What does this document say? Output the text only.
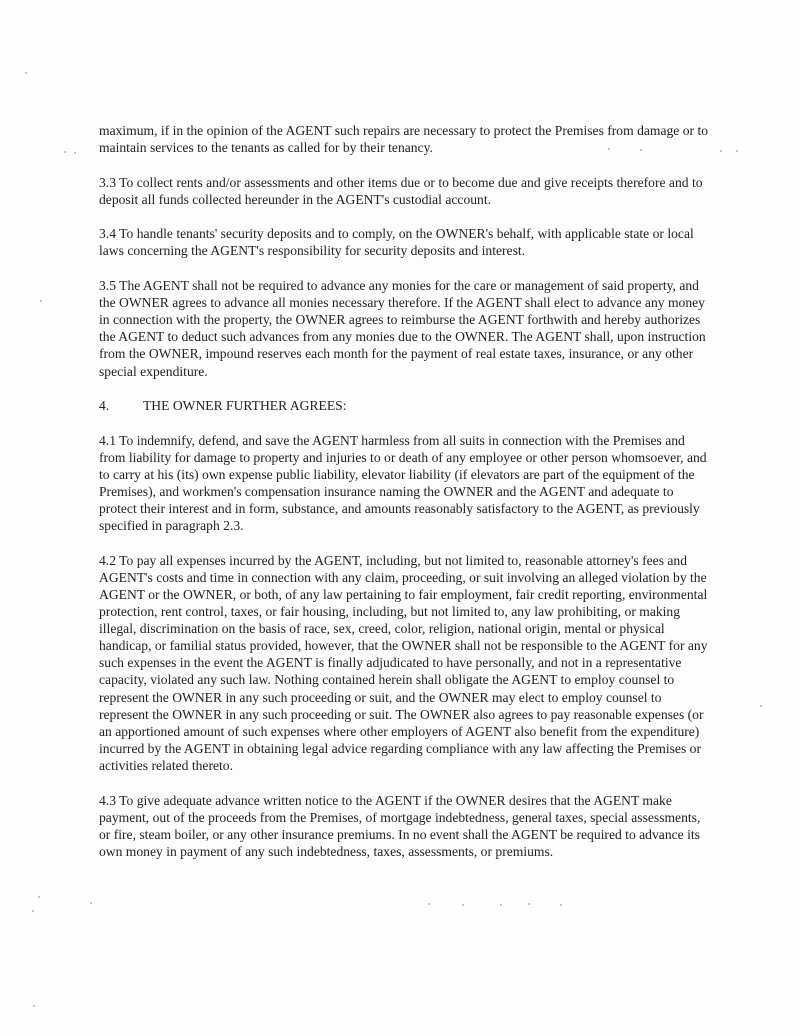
maximum, if in the opinion of the AGENT such repairs are necessary to protect the Premises from damage or to maintain services to the tenants as called for by their tenancy.

3.3 To collect rents and/or assessments and other items due or to become due and give receipts therefore and to deposit all funds collected hereunder in the AGENT's custodial account.

3.4 To handle tenants' security deposits and to comply, on the OWNER's behalf, with applicable state or local laws concerning the AGENT's responsibility for security deposits and interest.

3.5 The AGENT shall not be required to advance any monies for the care or management of said property, and the OWNER agrees to advance all monies necessary therefore. If the AGENT shall elect to advance any money in connection with the property, the OWNER agrees to reimburse the AGENT forthwith and hereby authorizes the AGENT to deduct such advances from any monies due to the OWNER. The AGENT shall, upon instruction from the OWNER, impound reserves each month for the payment of real estate taxes, insurance, or any other special expenditure.

4. THE OWNER FURTHER AGREES:

4.1 To indemnify, defend, and save the AGENT harmless from all suits in connection with the Premises and from liability for damage to property and injuries to or death of any employee or other person whomsoever, and to carry at his (its) own expense public liability, elevator liability (if elevators are part of the equipment of the Premises), and workmen's compensation insurance naming the OWNER and the AGENT and adequate to protect their interest and in form, substance, and amounts reasonably satisfactory to the AGENT, as previously specified in paragraph 2.3.

4.2 To pay all expenses incurred by the AGENT, including, but not limited to, reasonable attorney's fees and AGENT's costs and time in connection with any claim, proceeding, or suit involving an alleged violation by the AGENT or the OWNER, or both, of any law pertaining to fair employment, fair credit reporting, environmental protection, rent control, taxes, or fair housing, including, but not limited to, any law prohibiting, or making illegal, discrimination on the basis of race, sex, creed, color, religion, national origin, mental or physical handicap, or familial status provided, however, that the OWNER shall not be responsible to the AGENT for any such expenses in the event the AGENT is finally adjudicated to have personally, and not in a representative capacity, violated any such law. Nothing contained herein shall obligate the AGENT to employ counsel to represent the OWNER in any such proceeding or suit, and the OWNER may elect to employ counsel to represent the OWNER in any such proceeding or suit. The OWNER also agrees to pay reasonable expenses (or an apportioned amount of such expenses where other employers of AGENT also benefit from the expenditure) incurred by the AGENT in obtaining legal advice regarding compliance with any law affecting the Premises or activities related thereto.

4.3 To give adequate advance written notice to the AGENT if the OWNER desires that the AGENT make payment, out of the proceeds from the Premises, of mortgage indebtedness, general taxes, special assessments, or fire, steam boiler, or any other insurance premiums. In no event shall the AGENT be required to advance its own money in payment of any such indebtedness, taxes, assessments, or premiums.
